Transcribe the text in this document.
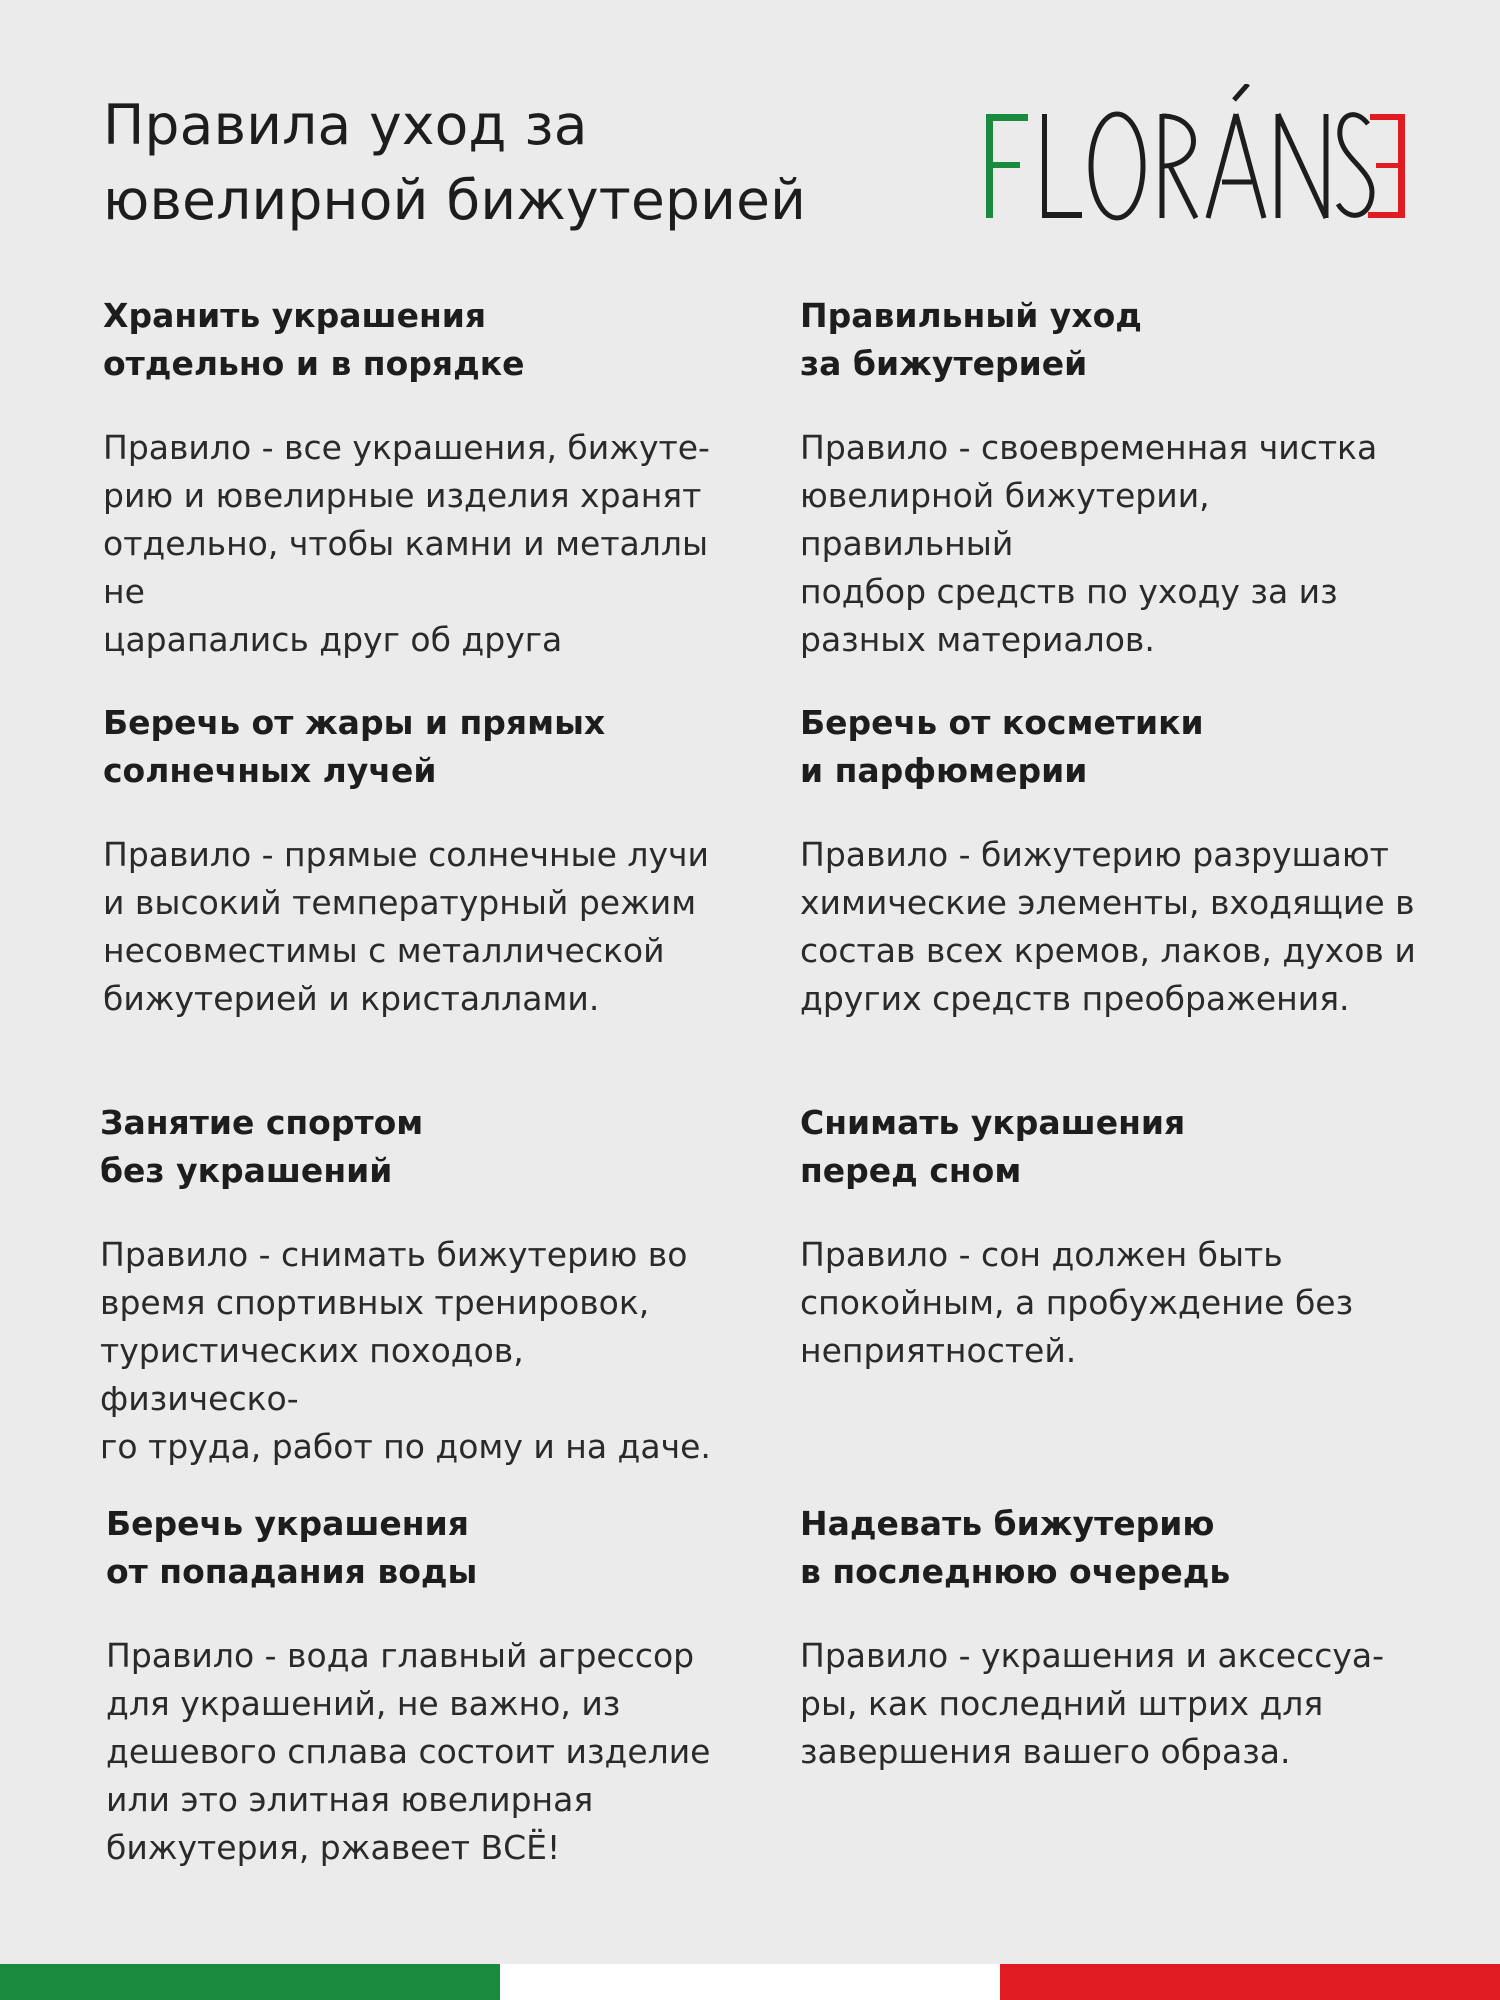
Правила уход за
ювелирной бижутерией
Хранить украшения
отдельно и в порядке

Правило - все украшения, бижуте-
рию и ювелирные изделия хранят
отдельно, чтобы камни и металлы не
царапались друг об друга

Правильный уход
за бижутерией

Правило - своевременная чистка
ювелирной бижутерии, правильный
подбор средств по уходу за из
разных материалов.

Беречь от жары и прямых
солнечных лучей

Правило - прямые солнечные лучи
и высокий температурный режим
несовместимы с металлической
бижутерией и кристаллами.

Беречь от косметики
и парфюмерии

Правило - бижутерию разрушают
химические элементы, входящие в
состав всех кремов, лаков, духов и
других средств преображения.

Занятие спортом
без украшений

Правило - снимать бижутерию во
время спортивных тренировок,
туристических походов, физическо-
го труда, работ по дому и на даче.

Снимать украшения
перед сном

Правило - сон должен быть
спокойным, а пробуждение без
неприятностей.

Беречь украшения
от попадания воды

Правило - вода главный агрессор
для украшений, не важно, из
дешевого сплава состоит изделие
или это элитная ювелирная
бижутерия, ржавеет ВСЁ!

Надевать бижутерию
в последнюю очередь

Правило - украшения и аксессуа-
ры, как последний штрих для
завершения вашего образа.
